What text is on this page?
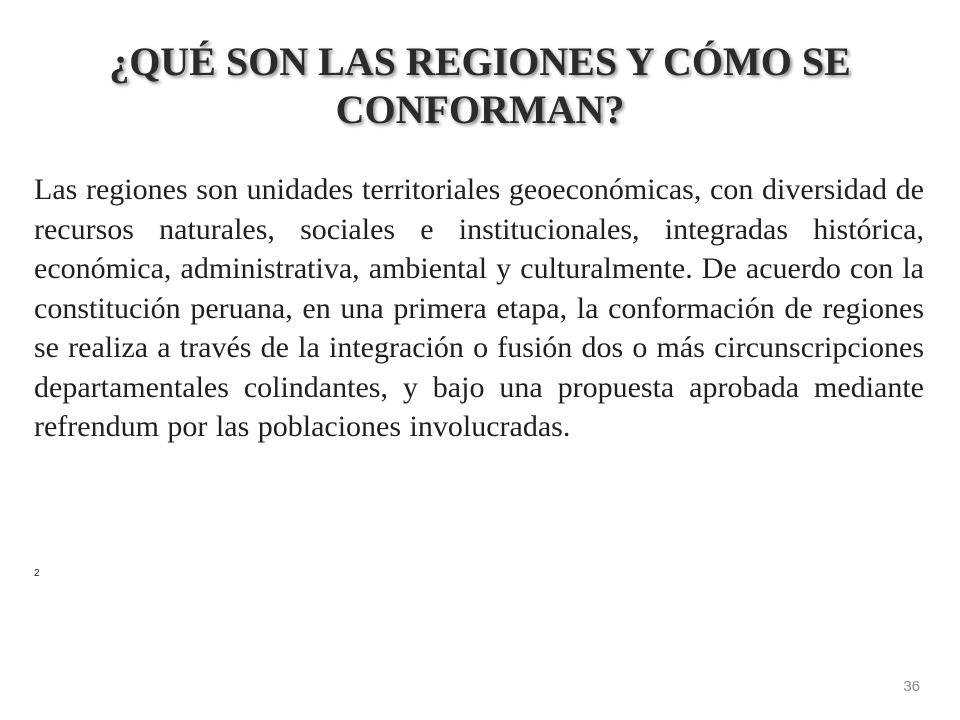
¿QUÉ SON LAS REGIONES Y CÓMO SE CONFORMAN?

Las regiones son unidades territoriales geoeconómicas, con diversidad de recursos naturales, sociales e institucionales, integradas histórica, económica, administrativa, ambiental y culturalmente. De acuerdo con la constitución peruana, en una primera etapa, la conformación de regiones se realiza a través de la integración o fusión dos o más circunscripciones departamentales colindantes, y bajo una propuesta aprobada mediante refrendum por las poblaciones involucradas.

2
36
